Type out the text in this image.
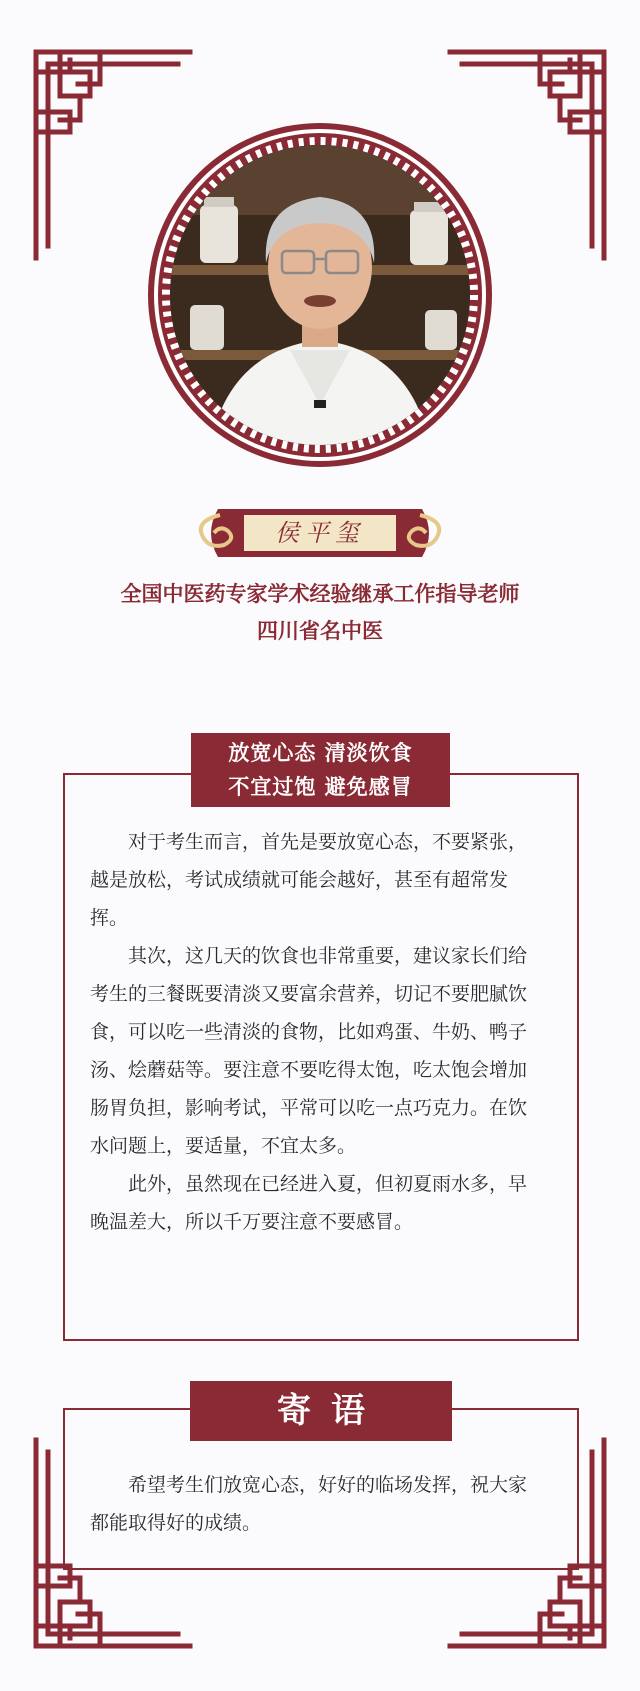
侯平玺
全国中医药专家学术经验继承工作指导老师
四川省名中医
放宽心态 清淡饮食
不宜过饱 避免感冒

对于考生而言，首先是要放宽心态，不要紧张，越是放松，考试成绩就可能会越好，甚至有超常发挥。

其次，这几天的饮食也非常重要，建议家长们给考生的三餐既要清淡又要富余营养，切记不要肥腻饮食，可以吃一些清淡的食物，比如鸡蛋、牛奶、鸭子汤、烩蘑菇等。要注意不要吃得太饱，吃太饱会增加肠胃负担，影响考试，平常可以吃一点巧克力。在饮水问题上，要适量，不宜太多。

此外，虽然现在已经进入夏，但初夏雨水多，早晚温差大，所以千万要注意不要感冒。

寄语

希望考生们放宽心态，好好的临场发挥，祝大家都能取得好的成绩。
